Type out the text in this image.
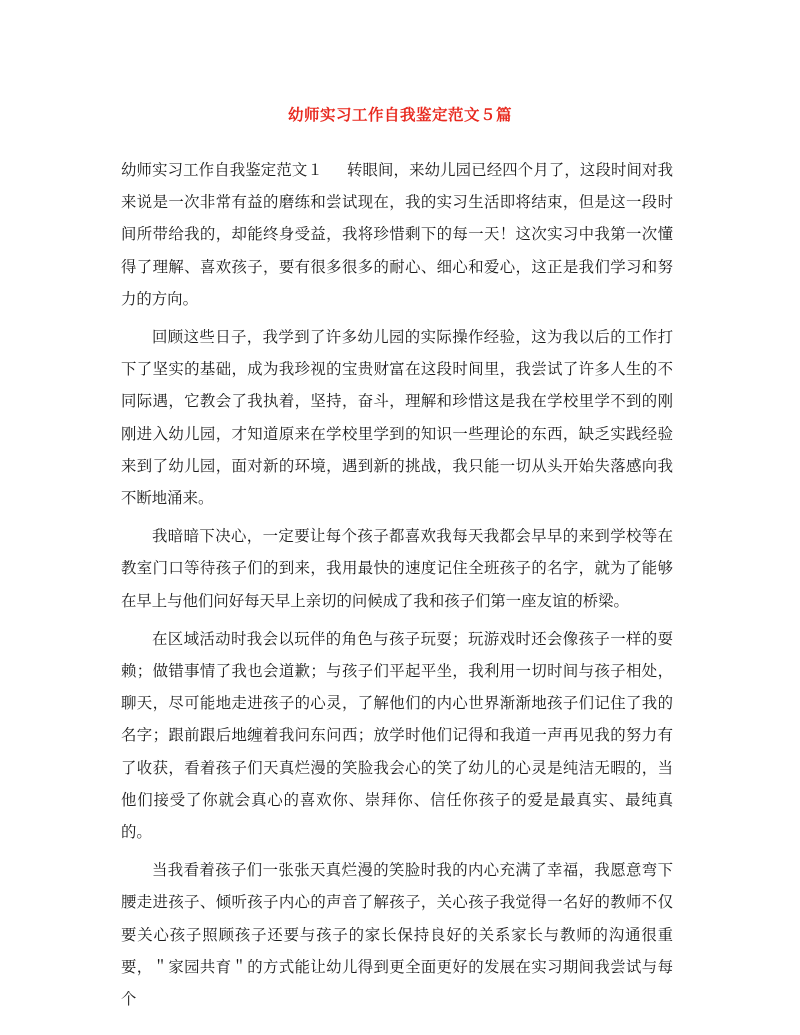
幼师实习工作自我鉴定范文５篇

幼师实习工作自我鉴定范文１ 转眼间，来幼儿园已经四个月了，这段时间对我来说是一次非常有益的磨练和尝试现在，我的实习生活即将结束，但是这一段时间所带给我的，却能终身受益，我将珍惜剩下的每一天！这次实习中我第一次懂得了理解、喜欢孩子，要有很多很多的耐心、细心和爱心，这正是我们学习和努力的方向。

回顾这些日子，我学到了许多幼儿园的实际操作经验，这为我以后的工作打下了坚实的基础，成为我珍视的宝贵财富在这段时间里，我尝试了许多人生的不同际遇，它教会了我执着，坚持，奋斗，理解和珍惜这是我在学校里学不到的刚刚进入幼儿园，才知道原来在学校里学到的知识一些理论的东西，缺乏实践经验来到了幼儿园，面对新的环境，遇到新的挑战，我只能一切从头开始失落感向我不断地涌来。

我暗暗下决心，一定要让每个孩子都喜欢我每天我都会早早的来到学校等在教室门口等待孩子们的到来，我用最快的速度记住全班孩子的名字，就为了能够在早上与他们问好每天早上亲切的问候成了我和孩子们第一座友谊的桥梁。

在区域活动时我会以玩伴的角色与孩子玩耍；玩游戏时还会像孩子一样的耍赖；做错事情了我也会道歉；与孩子们平起平坐，我利用一切时间与孩子相处，聊天，尽可能地走进孩子的心灵，了解他们的内心世界渐渐地孩子们记住了我的名字；跟前跟后地缠着我问东问西；放学时他们记得和我道一声再见我的努力有了收获，看着孩子们天真烂漫的笑脸我会心的笑了幼儿的心灵是纯洁无暇的，当他们接受了你就会真心的喜欢你、崇拜你、信任你孩子的爱是最真实、最纯真的。

当我看着孩子们一张张天真烂漫的笑脸时我的内心充满了幸福，我愿意弯下腰走进孩子、倾听孩子内心的声音了解孩子，关心孩子我觉得一名好的教师不仅要关心孩子照顾孩子还要与孩子的家长保持良好的关系家长与教师的沟通很重要，＂家园共育＂的方式能让幼儿得到更全面更好的发展在实习期间我尝试与每个
